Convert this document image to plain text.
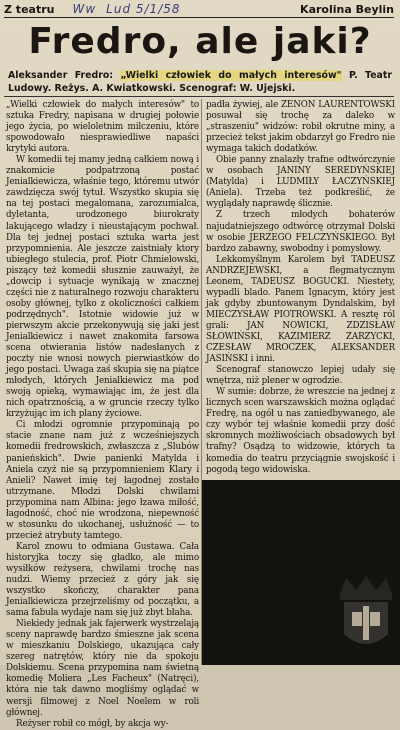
Z teatru Ww Lud 5/1/58	Karolina Beylin
Fredro, ale jaki?
Aleksander Fredro: „Wielki człowiek do małych interesów" P. Teatr Ludowy. Reżys. A. Kwiatkowski. Scenograf: W. Ujejski.

„Wielki człowiek do małych interesów" to sztuka Fredry, napisana w drugiej połowie jego życia, po wieloletnim milczeniu, które spowodowało niesprawiedliwe napaści krytyki autora.

W komedii tej mamy jedną całkiem nową i znakomicie podpatrzoną postać Jenialkiewicza, właśnie tego, któremu utwór zawdzięcza swój tytuł. Wszystko skupia się na tej postaci megalomana, zarozumialca, dyletanta, urodzonego biurokraty lakującego władzy i nieustającym pochwał. Dla tej jednej postaci sztuka warta jest przypomnienia. Ale jeszcze zaistniały ktory ubiegłego stulecia, prof. Piotr Chmielowski, piszący też komedii słusznie zauważył, że „dowcip i sytuacje wynikają w znacznej części nie z naturalnego rozwoju charakteru osoby głównej, tylko z okoliczności całkiem podrzędnych". Istotnie widowie już w pierwszym akcie przekonywują się jaki jest Jenialkiewicz i nawet znakomita farsowa scena otwierania listów nadesłanych z poczty nie wnosi nowych pierwiastków do jego postaci. Uwaga zaś skupia się na piątce młodych, których Jenialkiewicz ma pod swoją opieką, wymawiając im, że jest dla nich opatrznością, a w gruncie rzeczy tylko krzyżując im ich plany życiowe.

Ci młodzi ogromnie przypominają po stacie znane nam już z wcześniejszych komedii fredrowskich, zwłaszcza z „Slubów panieńskich". Dwie panienki Matylda i Aniela czyż nie są przypomnieniem Klary i Anieli? Nawet imię tej łagodnej zostało utrzymane. Młodzi Dolski chwilami przypomina nam Albina: jego łzawa miłość, łagodność, choć nie wrodzona, niepewność w stosunku do ukochanej, usłużność — to przecież atrybuty tamtego.

Karol znowu to odmiana Gustawa. Cała historyjka toczy się gładko, ale mimo wysiłków reżysera, chwilami trochę nas nudzi. Wiemy przecież z góry jak się wszystko skończy, charakter pana Jenialkiewicza przejrzeliśmy od początku, a sama fabuła wydaje nam się już zbyt błaha.

Niekiedy jednak jak fajerwerk wystrzelają sceny naprawdę bardzo śmieszne jak scena w mieszkaniu Dolskiego, ukazująca cały szereg natrętów, który nie da spokoju Dolskiemu. Scena przypomina nam świetną komedię Moliera „Les Facheux" (Natręci), która nie tak dawno mogliśmy oglądać w wersji filmowej z Noel Noelem w roli głównej.

Reżyser robił co mógł, by akcja wy-

padła żywiej, ale ZENON LAURENTOWSKI posuwał się trochę za daleko w „straszeniu" widzów: robił okrutne miny, a przecież tekst jakim obdarzył go Fredro nie wymaga takich dodatków.

Obie panny znalazły trafne odtwórczynie w osobach JANINY SEREDYŃSKIEJ (Matylda) i LUDMIŁY ŁACZYŃSKIEJ (Aniela). Trzeba też podkreślić, że wyglądały naprawdę ślicznie.

Z trzech młodych bohaterów najudatniejszego odtwórcę otrzymał Dolski w osobie JERZEGO FELCZYŃSKIEGO. Był bardzo zabawny, swobodny i pomysłowy.

Lekkomyślnym Karolem był TADEUSZ ANDRZEJEWSKI, a flegmatycznym Leonem, TADEUSZ BOGUCKI. Niestety, wypadli blado. Panem Ignacym, który jest jak gdyby zbuntowanym Dyndalskim, był MIECZYSŁAW PIOTROWSKI. A resztę ról grali: JAN NOWICKI, ZDZISŁAW SŁOWIŃSKI, KAZIMIERZ ZARZYCKI, CZESŁAW MROCZEK, ALEKSANDER JASIŃSKI i inni.

Scenograf stanowczo lepiej udały się wnętrza, niż plener w ogrodzie.

W sumie: dobrze, że wreszcie na jednej z licznych scen warszawskich można oglądać Fredrę, na ogół u nas zaniedbywanego, ale czy wybór tej właśnie komedii przy dość skromnych możliwościach obsadowych był trafny? Osądzą to widzowie, których ta komedia do teatru przyciągnie swojskość i pogodą tego widowiska.
